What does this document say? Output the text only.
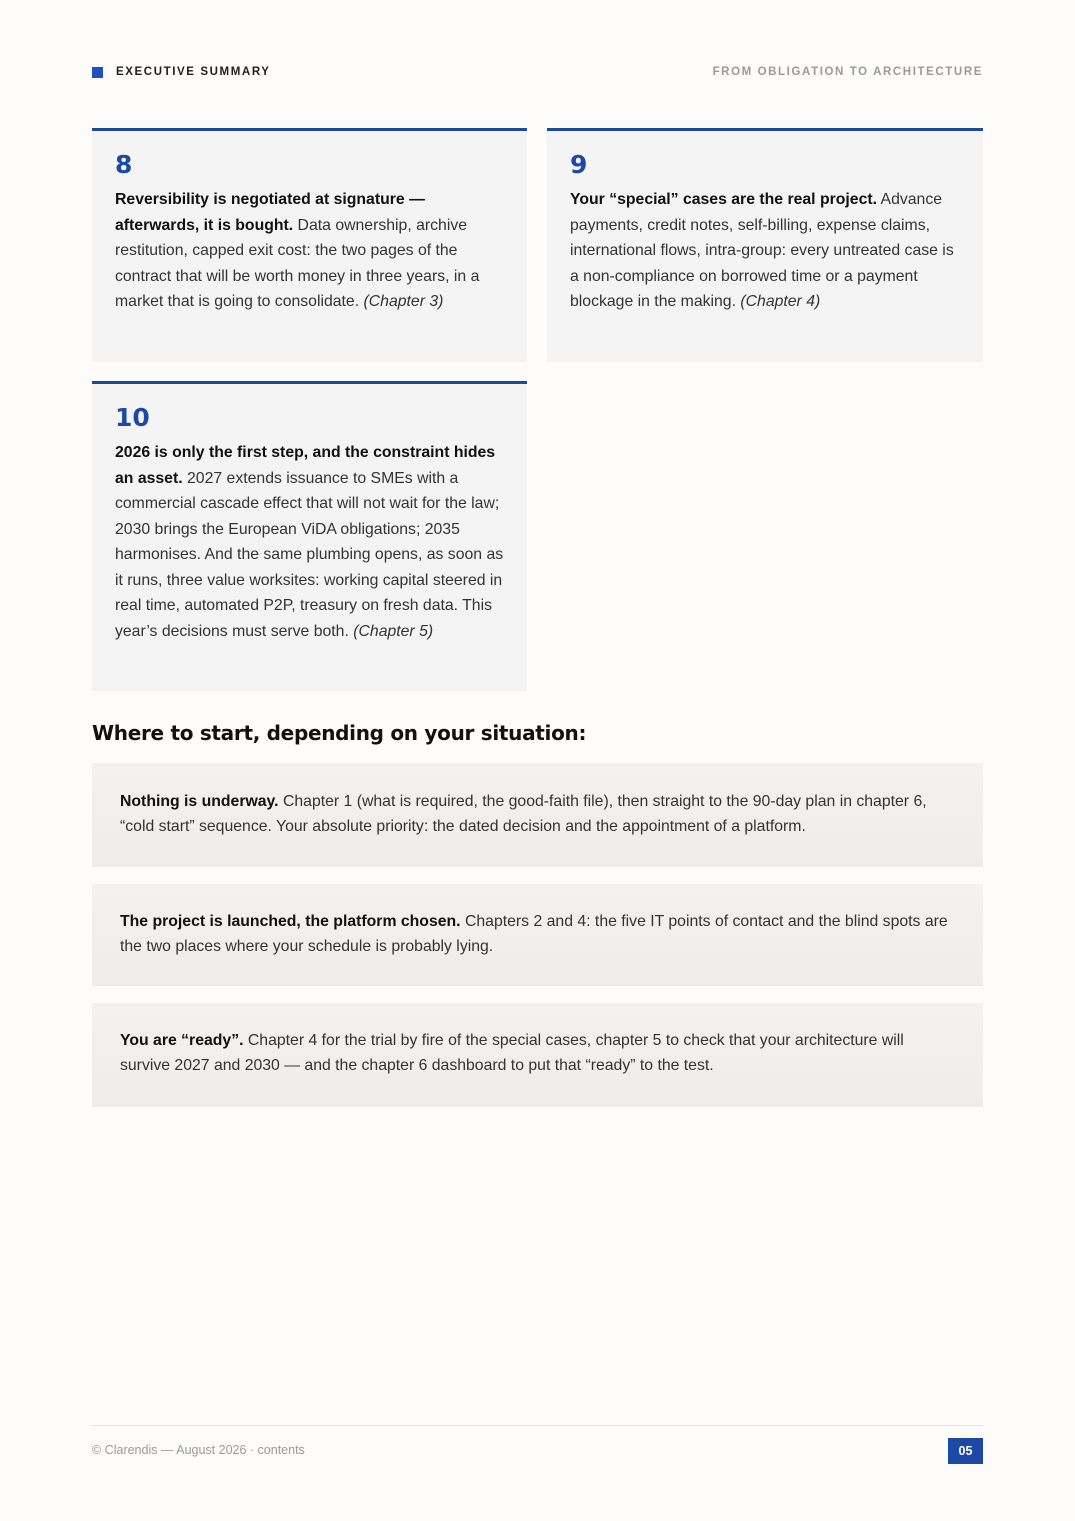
EXECUTIVE SUMMARY	FROM OBLIGATION TO ARCHITECTURE
8
Reversibility is negotiated at signature — afterwards, it is bought. Data ownership, archive restitution, capped exit cost: the two pages of the contract that will be worth money in three years, in a market that is going to consolidate. (Chapter 3)
9
Your “special” cases are the real project. Advance payments, credit notes, self-billing, expense claims, international flows, intra-group: every untreated case is a non-compliance on borrowed time or a payment blockage in the making. (Chapter 4)
10
2026 is only the first step, and the constraint hides an asset. 2027 extends issuance to SMEs with a commercial cascade effect that will not wait for the law; 2030 brings the European ViDA obligations; 2035 harmonises. And the same plumbing opens, as soon as it runs, three value worksites: working capital steered in real time, automated P2P, treasury on fresh data. This year’s decisions must serve both. (Chapter 5)
Where to start, depending on your situation:
Nothing is underway. Chapter 1 (what is required, the good-faith file), then straight to the 90-day plan in chapter 6, “cold start” sequence. Your absolute priority: the dated decision and the appointment of a platform.
The project is launched, the platform chosen. Chapters 2 and 4: the five IT points of contact and the blind spots are the two places where your schedule is probably lying.
You are “ready”. Chapter 4 for the trial by fire of the special cases, chapter 5 to check that your architecture will survive 2027 and 2030 — and the chapter 6 dashboard to put that “ready” to the test.
© Clarendis — August 2026 · contents	05
